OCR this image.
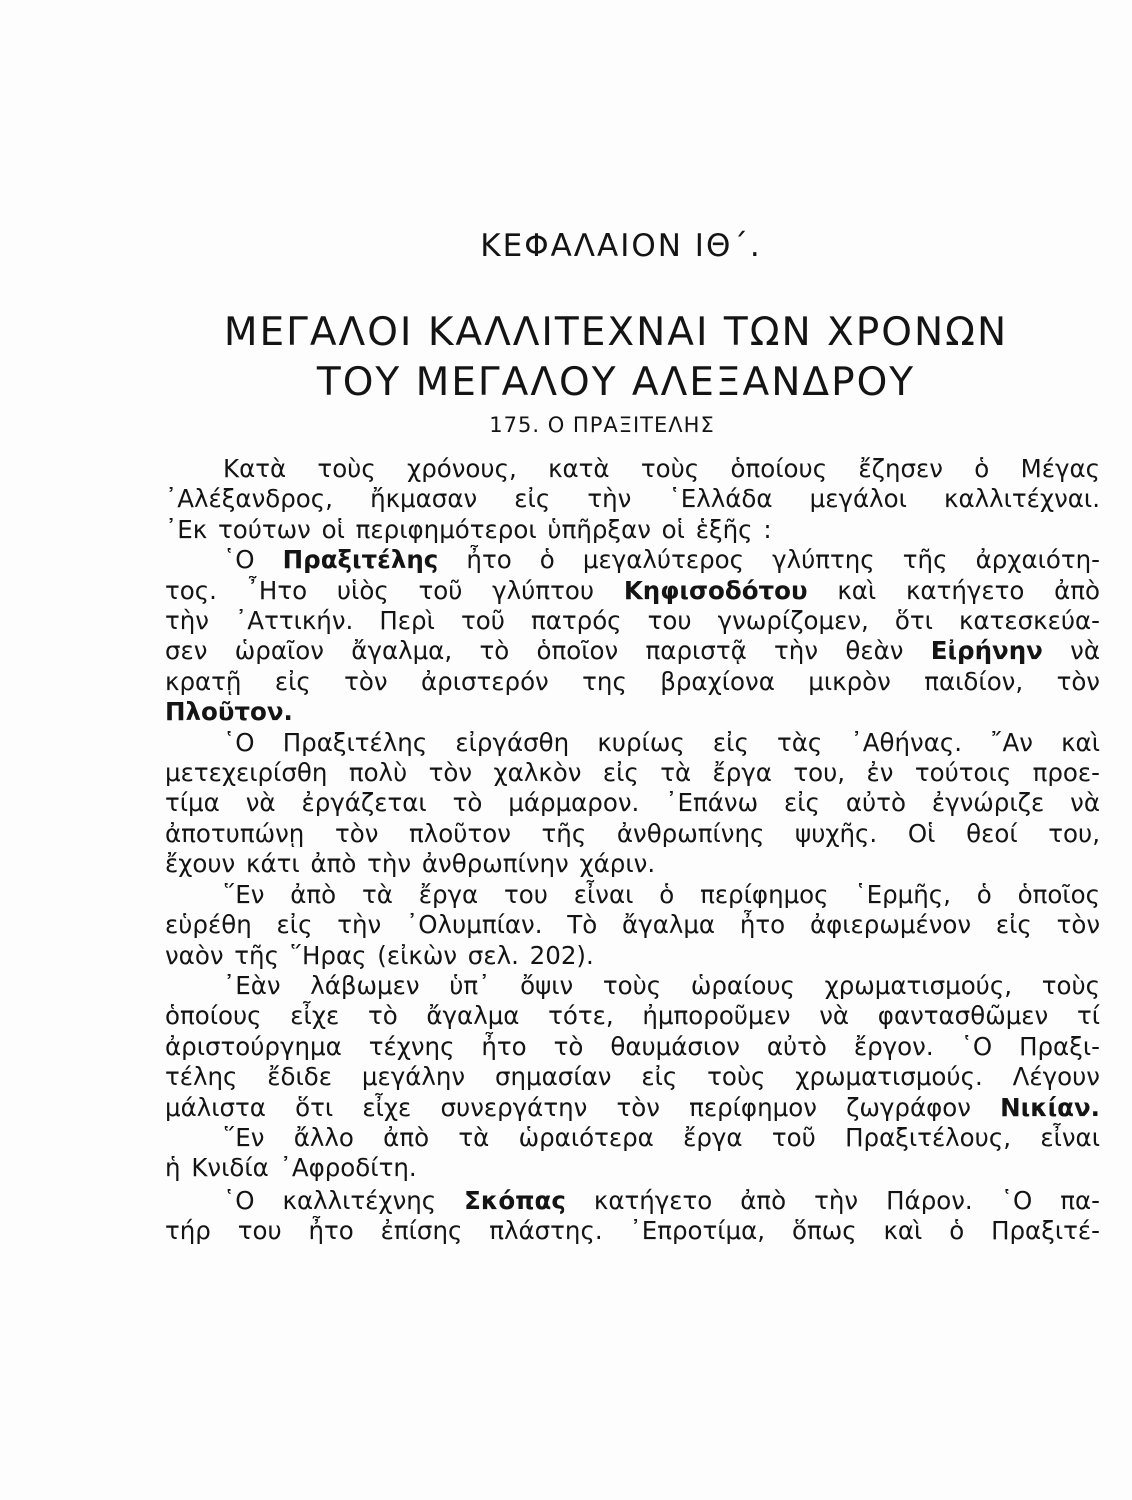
ΚΕΦΑΛΑΙΟΝ ΙΘ΄.
ΜΕΓΑΛΟΙ ΚΑΛΛΙΤΕΧΝΑΙ ΤΩΝ ΧΡΟΝΩΝ
ΤΟΥ ΜΕΓΑΛΟΥ ΑΛΕΞΑΝΔΡΟΥ
175. Ο ΠΡΑΞΙΤΕΛΗΣ
Κατὰ τοὺς χρόνους, κατὰ τοὺς ὁποίους ἔζησεν ὁ Μέγας
᾿Αλέξανδρος, ἤκμασαν εἰς τὴν ῾Ελλάδα μεγάλοι καλλιτέχναι.
᾿Εκ τούτων οἱ περιφημότεροι ὑπῆρξαν οἱ ἑξῆς :
῾Ο Πραξιτέλης ἦτο ὁ μεγαλύτερος γλύπτης τῆς ἀρχαιότη-
τος. ῏Ητο υἱὸς τοῦ γλύπτου Κηφισοδότου καὶ κατήγετο ἀπὸ
τὴν ᾿Αττικήν. Περὶ τοῦ πατρός του γνωρίζομεν, ὅτι κατεσκεύα-
σεν ὡραῖον ἄγαλμα, τὸ ὁποῖον παριστᾷ τὴν θεὰν Εἰρήνην νὰ
κρατῇ εἰς τὸν ἀριστερόν της βραχίονα μικρὸν παιδίον, τὸν
Πλοῦτον.
῾Ο Πραξιτέλης εἰργάσθη κυρίως εἰς τὰς ᾿Αθήνας. ῎Αν καὶ
μετεχειρίσθη πολὺ τὸν χαλκὸν εἰς τὰ ἔργα του, ἐν τούτοις προε-
τίμα νὰ ἐργάζεται τὸ μάρμαρον. ᾿Επάνω εἰς αὐτὸ ἐγνώριζε νὰ
ἀποτυπώνῃ τὸν πλοῦτον τῆς ἀνθρωπίνης ψυχῆς. Οἱ θεοί του,
ἔχουν κάτι ἀπὸ τὴν ἀνθρωπίνην χάριν.
῞Εν ἀπὸ τὰ ἔργα του εἶναι ὁ περίφημος ῾Ερμῆς, ὁ ὁποῖος
εὑρέθη εἰς τὴν ᾿Ολυμπίαν. Τὸ ἄγαλμα ἦτο ἀφιερωμένον εἰς τὸν
ναὸν τῆς ῞Ηρας (εἰκὼν σελ. 202).
᾿Εὰν λάβωμεν ὑπ᾿ ὄψιν τοὺς ὡραίους χρωματισμούς, τοὺς
ὁποίους εἶχε τὸ ἄγαλμα τότε, ἠμποροῦμεν νὰ φαντασθῶμεν τί
ἀριστούργημα τέχνης ἦτο τὸ θαυμάσιον αὐτὸ ἔργον. ῾Ο Πραξι-
τέλης ἔδιδε μεγάλην σημασίαν εἰς τοὺς χρωματισμούς. Λέγουν
μάλιστα ὅτι εἶχε συνεργάτην τὸν περίφημον ζωγράφον Νικίαν.
῞Εν ἄλλο ἀπὸ τὰ ὡραιότερα ἔργα τοῦ Πραξιτέλους, εἶναι
ἡ Κνιδία ᾿Αφροδίτη.
῾Ο καλλιτέχνης Σκόπας κατήγετο ἀπὸ τὴν Πάρον. ῾Ο πα-
τήρ του ἦτο ἐπίσης πλάστης. ᾿Επροτίμα, ὅπως καὶ ὁ Πραξιτέ-
